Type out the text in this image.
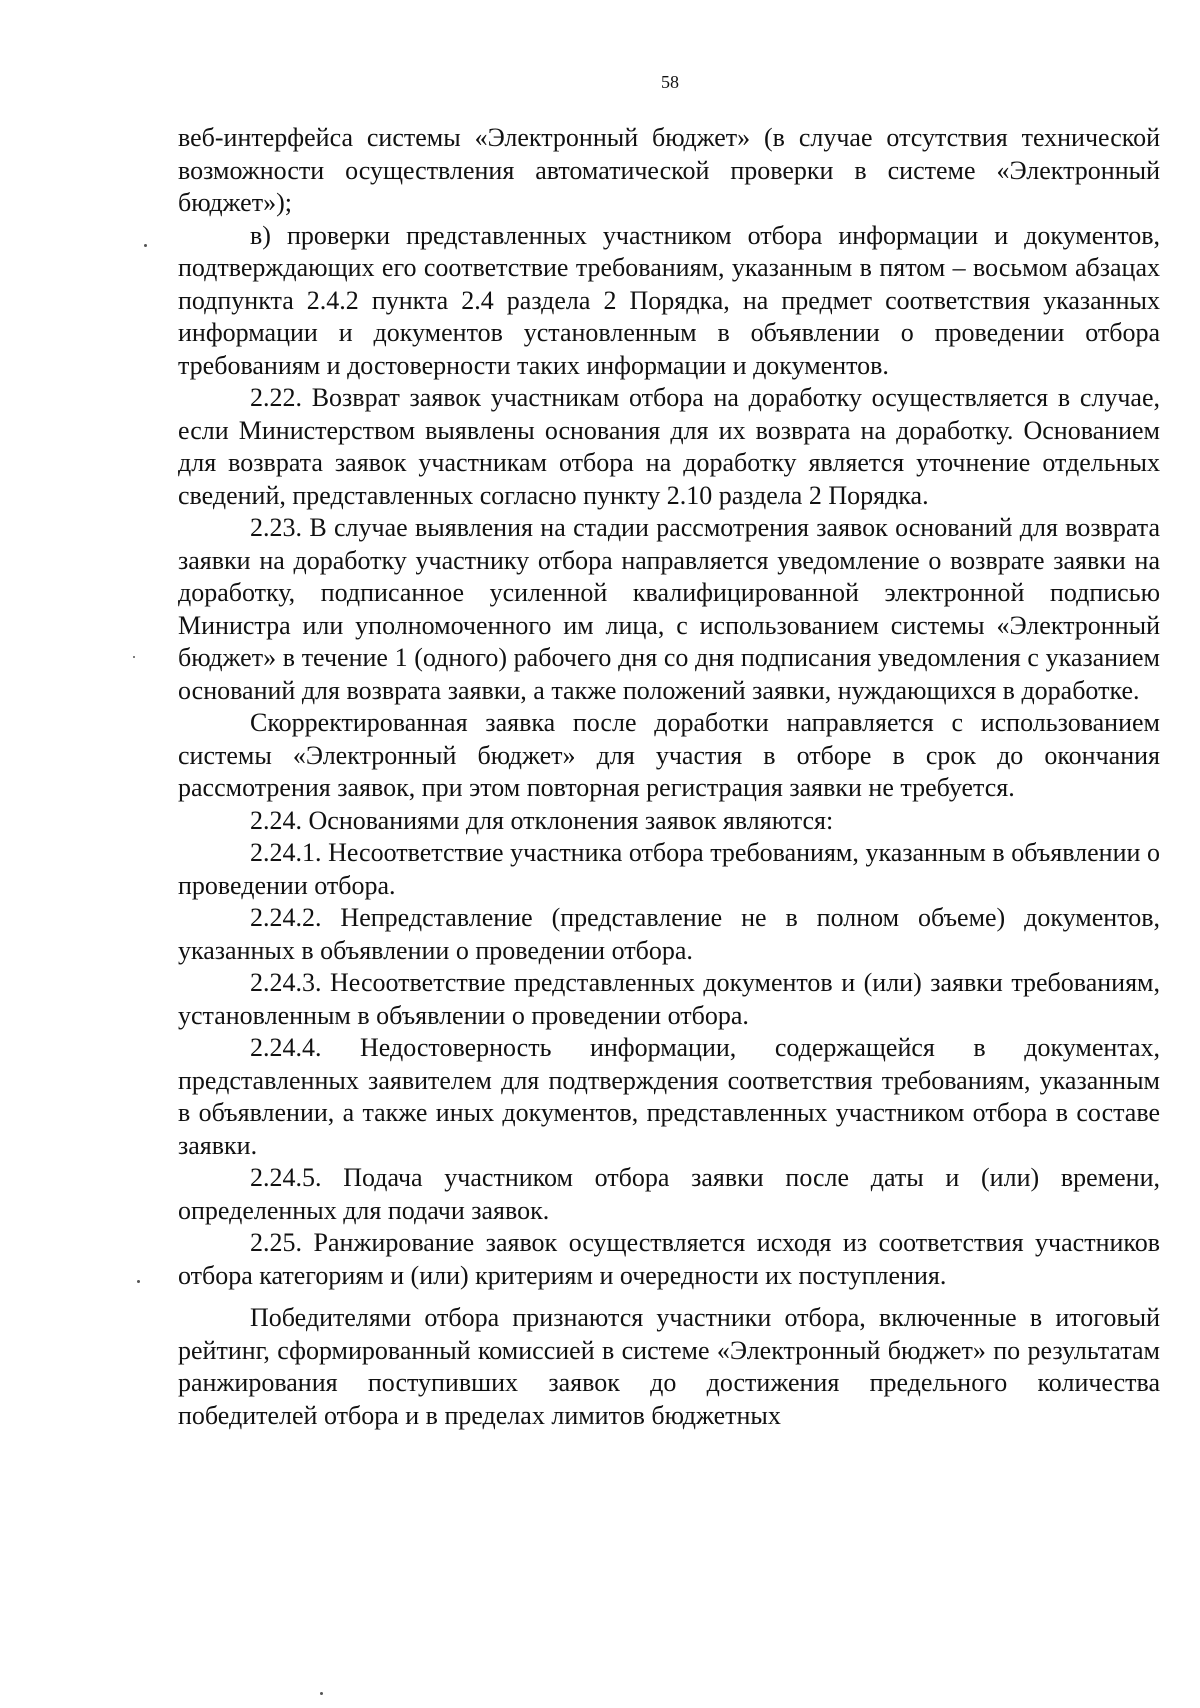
58

веб-интерфейса системы «Электронный бюджет» (в случае отсутствия технической возможности осуществления автоматической проверки в системе «Электронный бюджет»);

в) проверки представленных участником отбора информации и документов, подтверждающих его соответствие требованиям, указанным в пятом – восьмом абзацах подпункта 2.4.2 пункта 2.4 раздела 2 Порядка, на предмет соответствия указанных информации и документов установленным в объявлении о проведении отбора требованиям и достоверности таких информации и документов.

2.22. Возврат заявок участникам отбора на доработку осуществляется в случае, если Министерством выявлены основания для их возврата на доработку. Основанием для возврата заявок участникам отбора на доработку является уточнение отдельных сведений, представленных согласно пункту 2.10 раздела 2 Порядка.

2.23. В случае выявления на стадии рассмотрения заявок оснований для возврата заявки на доработку участнику отбора направляется уведомление о возврате заявки на доработку, подписанное усиленной квалифицированной электронной подписью Министра или уполномоченного им лица, с использованием системы «Электронный бюджет» в течение 1 (одного) рабочего дня со дня подписания уведомления с указанием оснований для возврата заявки, а также положений заявки, нуждающихся в доработке.

Скорректированная заявка после доработки направляется с использованием системы «Электронный бюджет» для участия в отборе в срок до окончания рассмотрения заявок, при этом повторная регистрация заявки не требуется.

2.24. Основаниями для отклонения заявок являются:

2.24.1. Несоответствие участника отбора требованиям, указанным в объявлении о проведении отбора.

2.24.2. Непредставление (представление не в полном объеме) документов, указанных в объявлении о проведении отбора.

2.24.3. Несоответствие представленных документов и (или) заявки требованиям, установленным в объявлении о проведении отбора.

2.24.4. Недостоверность информации, содержащейся в документах, представленных заявителем для подтверждения соответствия требованиям, указанным в объявлении, а также иных документов, представленных участником отбора в составе заявки.

2.24.5. Подача участником отбора заявки после даты и (или) времени, определенных для подачи заявок.

2.25. Ранжирование заявок осуществляется исходя из соответствия участников отбора категориям и (или) критериям и очередности их поступления.

Победителями отбора признаются участники отбора, включенные в итоговый рейтинг, сформированный комиссией в системе «Электронный бюджет» по результатам ранжирования поступивших заявок до достижения предельного количества победителей отбора и в пределах лимитов бюджетных
